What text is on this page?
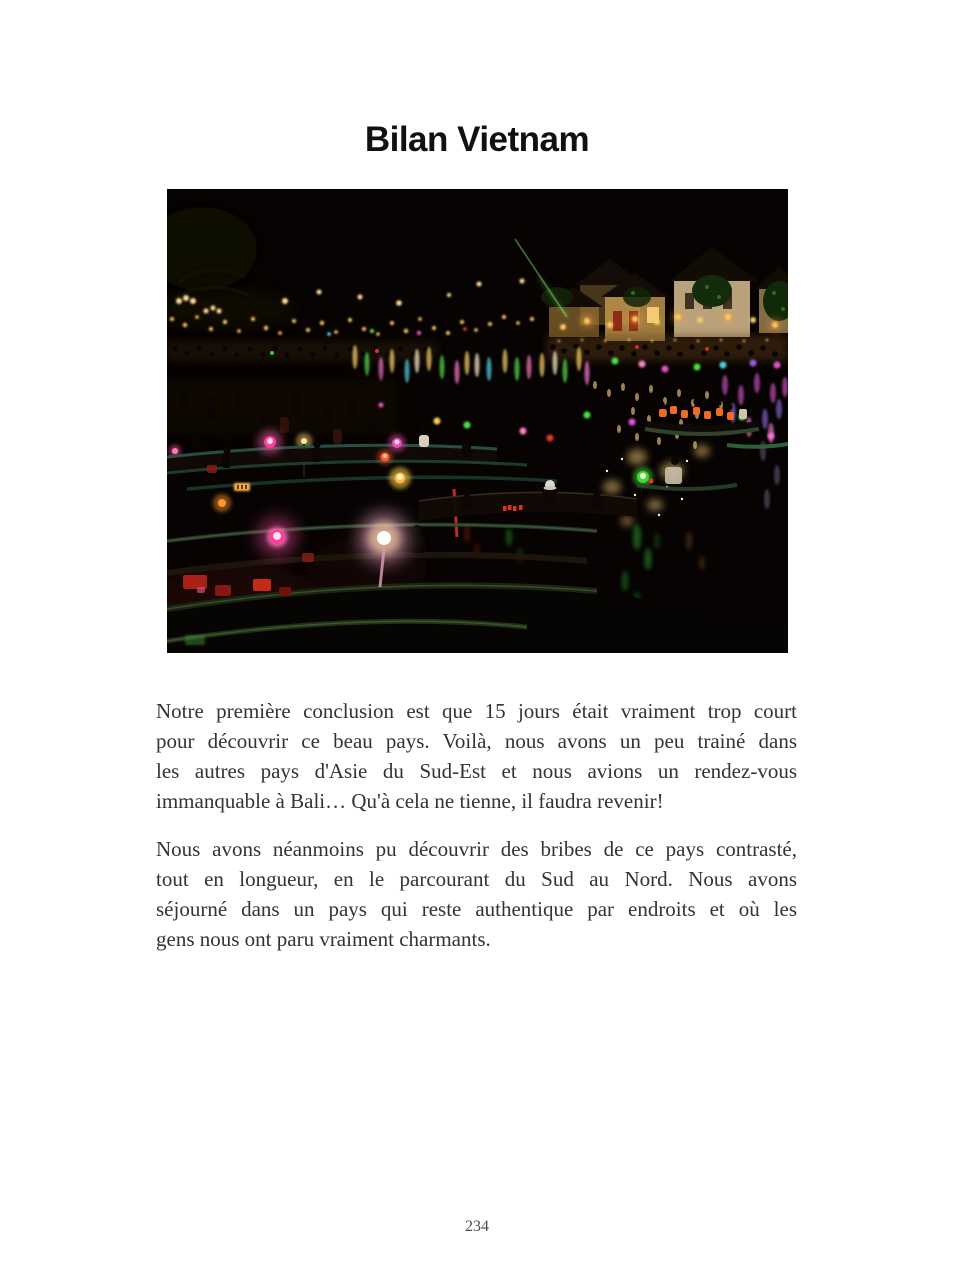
Bilan Vietnam

Notre première conclusion est que 15 jours était vraiment trop court
pour découvrir ce beau pays. Voilà, nous avons un peu trainé dans
les autres pays d'Asie du Sud-Est et nous avions un rendez-vous
immanquable à Bali… Qu'à cela ne tienne, il faudra revenir!

Nous avons néanmoins pu découvrir des bribes de ce pays contrasté,
tout en longueur, en le parcourant du Sud au Nord. Nous avons
séjourné dans un pays qui reste authentique par endroits et où les
gens nous ont paru vraiment charmants.

234
